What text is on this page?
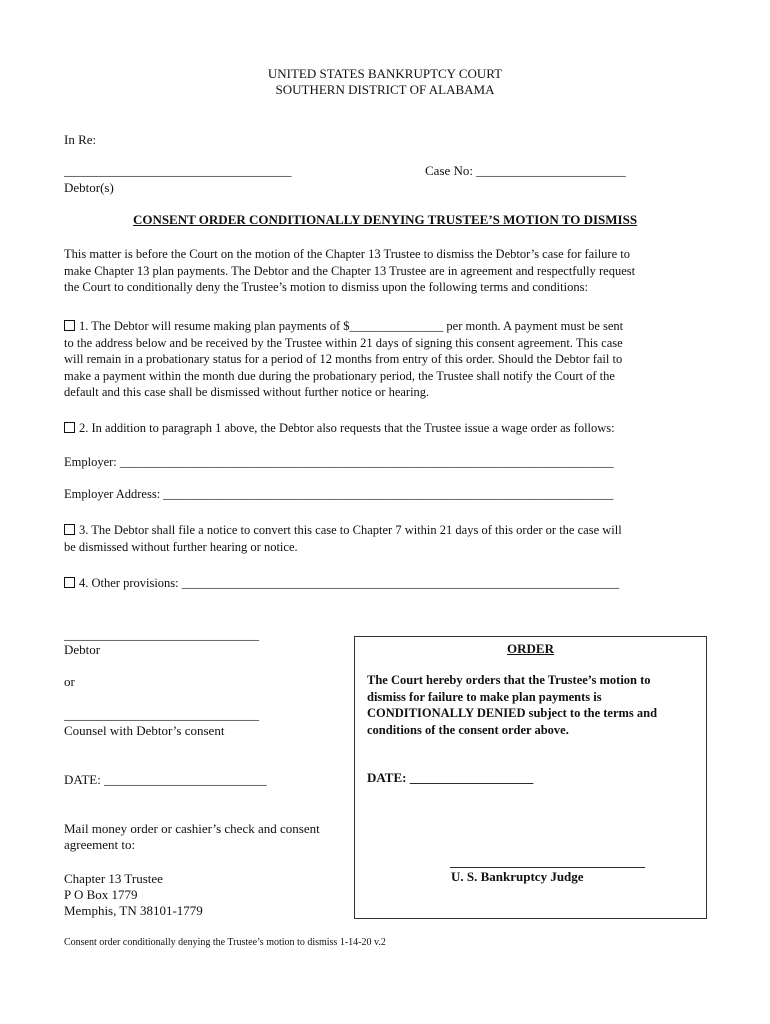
UNITED STATES BANKRUPTCY COURT
SOUTHERN DISTRICT OF ALABAMA
In Re:
___________________________________
Debtor(s)
Case No: _______________________
CONSENT ORDER CONDITIONALLY DENYING TRUSTEE’S MOTION TO DISMISS
This matter is before the Court on the motion of the Chapter 13 Trustee to dismiss the Debtor’s case for failure to
make Chapter 13 plan payments. The Debtor and the Chapter 13 Trustee are in agreement and respectfully request
the Court to conditionally deny the Trustee’s motion to dismiss upon the following terms and conditions:
1. The Debtor will resume making plan payments of $_______________ per month. A payment must be sent
to the address below and be received by the Trustee within 21 days of signing this consent agreement. This case
will remain in a probationary status for a period of 12 months from entry of this order. Should the Debtor fail to
make a payment within the month due during the probationary period, the Trustee shall notify the Court of the
default and this case shall be dismissed without further notice or hearing.
2. In addition to paragraph 1 above, the Debtor also requests that the Trustee issue a wage order as follows:
Employer: _______________________________________________________________________________
Employer Address: ________________________________________________________________________
3. The Debtor shall file a notice to convert this case to Chapter 7 within 21 days of this order or the case will
be dismissed without further hearing or notice.
4. Other provisions: ______________________________________________________________________
______________________________
Debtor
or
______________________________
Counsel with Debtor’s consent
DATE: _________________________
Mail money order or cashier’s check and consent
agreement to:
Chapter 13 Trustee
P O Box 1779
Memphis, TN 38101-1779
ORDER
The Court hereby orders that the Trustee’s motion to
dismiss for failure to make plan payments is
CONDITIONALLY DENIED subject to the terms and
conditions of the consent order above.
DATE: ___________________
______________________________
U. S. Bankruptcy Judge
Consent order conditionally denying the Trustee’s motion to dismiss 1-14-20 v.2
